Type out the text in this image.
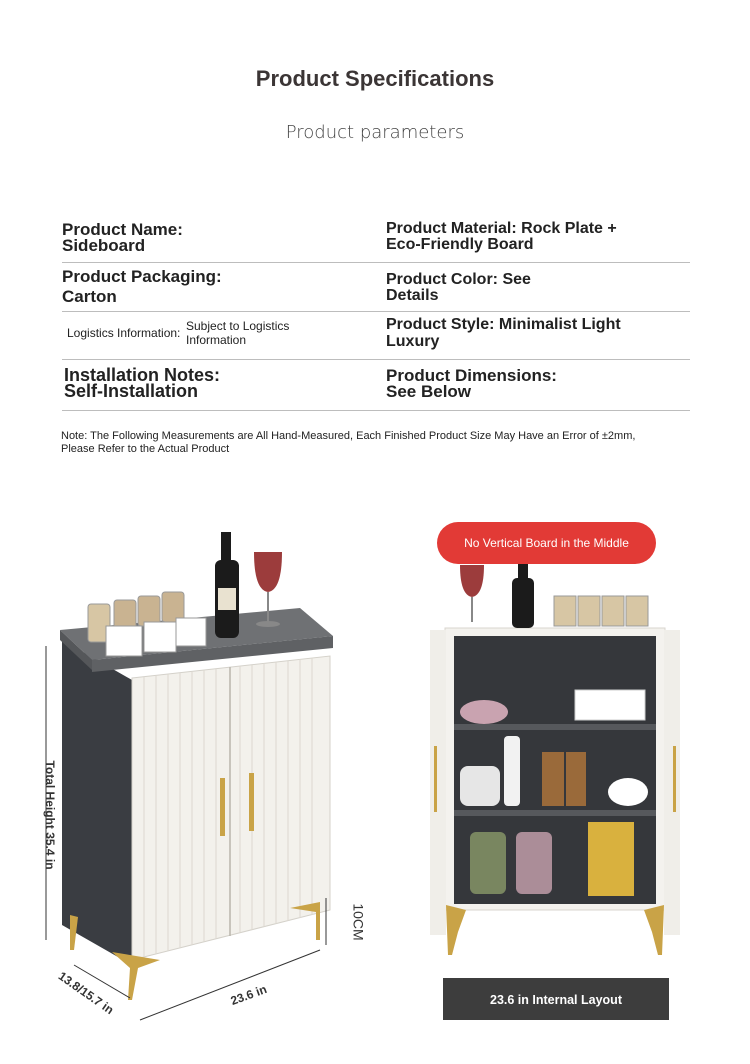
Product Specifications
Product parameters
Product Name:
Sideboard
Product Material: Rock Plate +
Eco-Friendly Board
Product Packaging:
Carton
Product Color: See
Details
Logistics Information: Subject to Logistics
Information
Product Style: Minimalist Light
Luxury
Installation Notes:
Self-Installation
Product Dimensions:
See Below
Note: The Following Measurements are All Hand-Measured, Each Finished Product Size May Have an Error of ±2mm,
Please Refer to the Actual Product
Total Height 35.4 in
10CM
13.8/15.7 in	23.6 in
No Vertical Board in the Middle
23.6 in Internal Layout
